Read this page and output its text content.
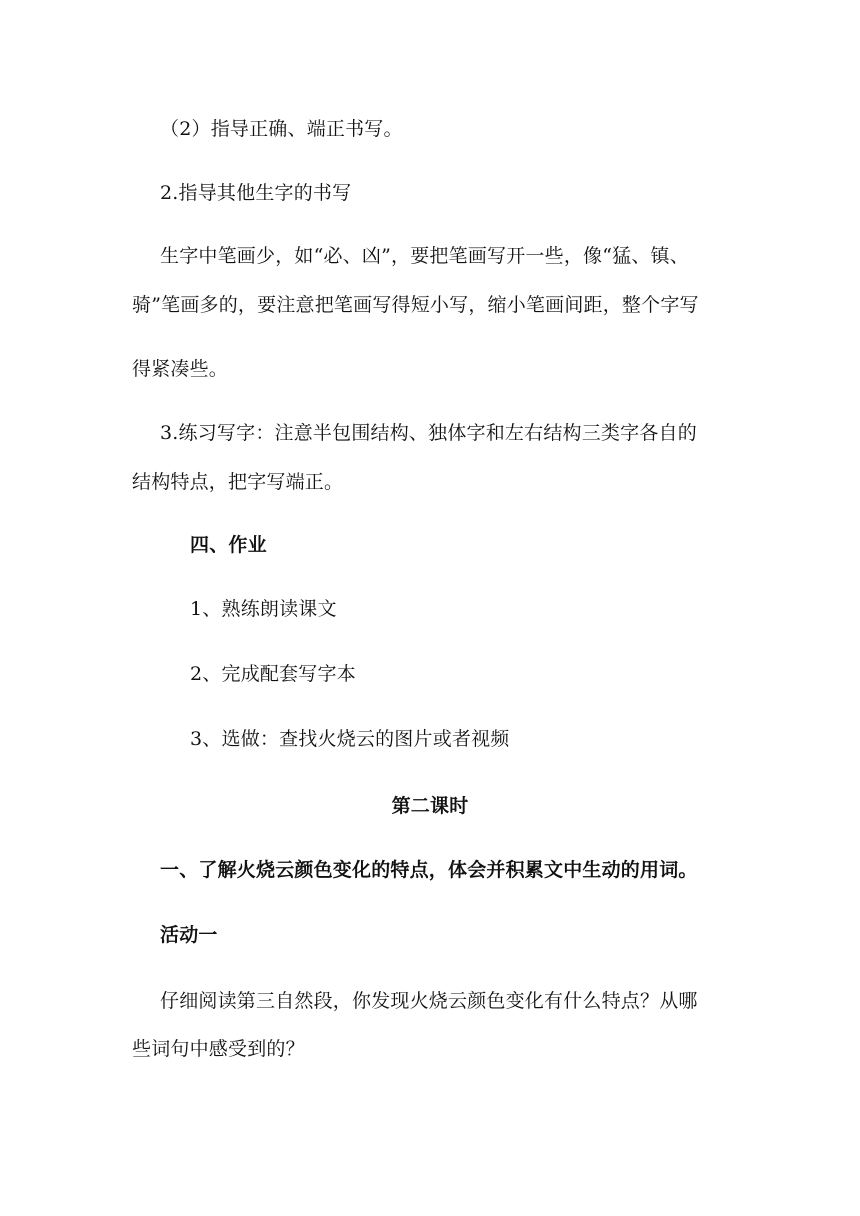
（2）指导正确、端正书写。
2.指导其他生字的书写
生字中笔画少，如“必、凶”，要把笔画写开一些，像“猛、镇、
骑”笔画多的，要注意把笔画写得短小写，缩小笔画间距，整个字写
得紧凑些。
3.练习写字：注意半包围结构、独体字和左右结构三类字各自的
结构特点，把字写端正。
四、作业
1、熟练朗读课文
2、完成配套写字本
3、选做：查找火烧云的图片或者视频
第二课时
一、了解火烧云颜色变化的特点，体会并积累文中生动的用词。
活动一
仔细阅读第三自然段，你发现火烧云颜色变化有什么特点？从哪
些词句中感受到的？
